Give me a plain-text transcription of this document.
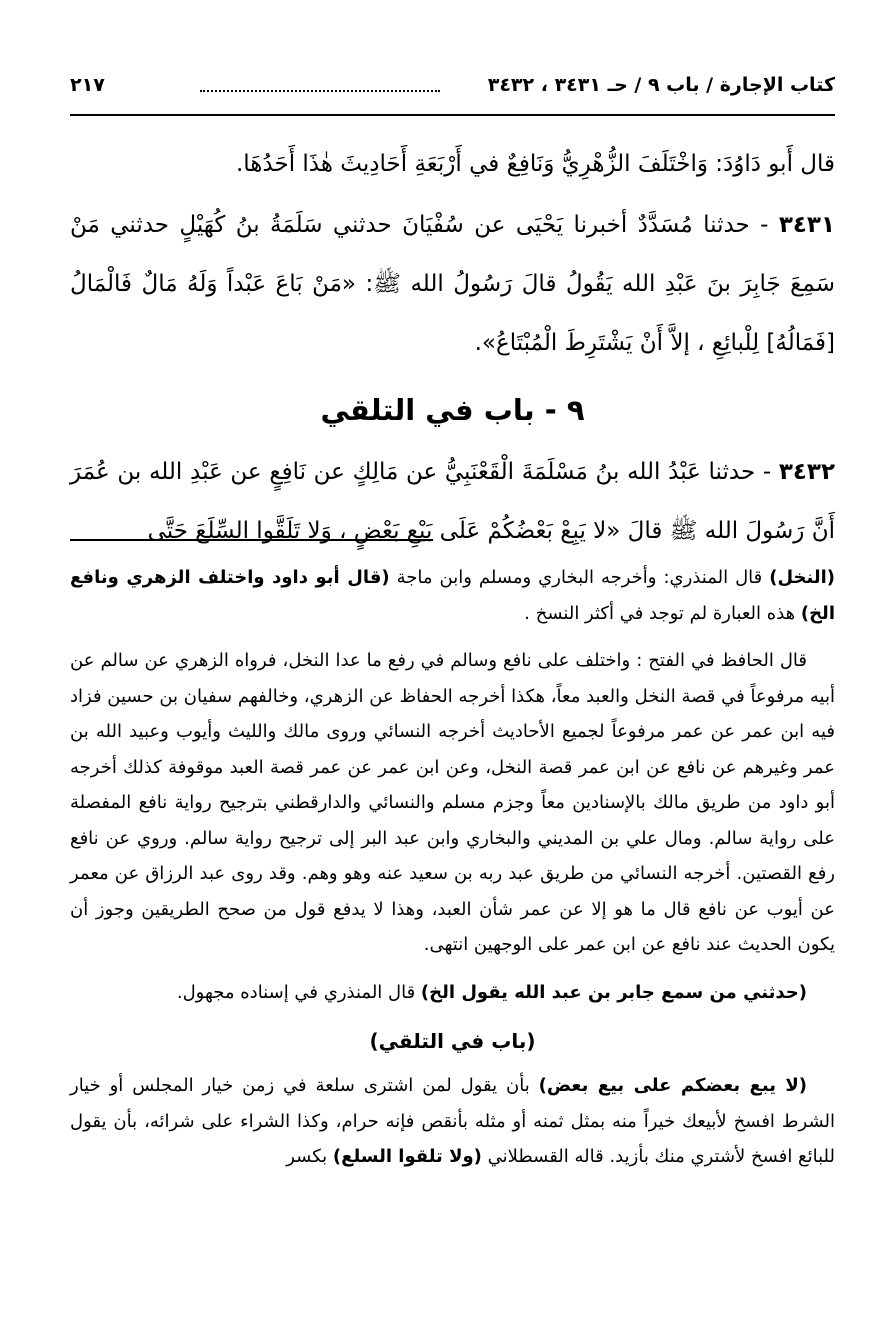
كتاب الإجارة / باب ٩ / حـ ٣٤٣١ ، ٣٤٣٢
٢١٧

قال أَبو دَاوُدَ: وَاخْتَلَفَ الزُّهْرِيُّ وَنَافِعٌ في أَرْبَعَةِ أَحَادِيثَ هٰذَا أَحَدُهَا.

٣٤٣١ - حدثنا مُسَدَّدٌ أخبرنا يَحْيَى عن سُفْيَانَ حدثني سَلَمَةُ بنُ كُهَيْلٍ حدثني مَنْ سَمِعَ جَابِرَ بنَ عَبْدِ الله يَقُولُ قالَ رَسُولُ الله ﷺ: «مَنْ بَاعَ عَبْداً وَلَهُ مَالٌ فَالْمَالُ [فَمَالُهُ] لِلْبائِعِ ، إلاَّ أَنْ يَشْتَرِطَ الْمُبْتَاعُ».

٩ - باب في التلقي

٣٤٣٢ - حدثنا عَبْدُ الله بنُ مَسْلَمَةَ الْقَعْنَبِيُّ عن مَالِكٍ عن نَافِعٍ عن عَبْدِ الله بن عُمَرَ أَنَّ رَسُولَ الله ﷺ قالَ «لا يَبِعْ بَعْضُكُمْ عَلَى بَيْعِ بَعْضٍ ، وَلا تَلَقَّوا السِّلَعَ حَتَّى

(النخل) قال المنذري: وأخرجه البخاري ومسلم وابن ماجة (قال أبو داود واختلف الزهري ونافع الخ) هذه العبارة لم توجد في أكثر النسخ .

قال الحافظ في الفتح : واختلف على نافع وسالم في رفع ما عدا النخل، فرواه الزهري عن سالم عن أبيه مرفوعاً في قصة النخل والعبد معاً، هكذا أخرجه الحفاظ عن الزهري، وخالفهم سفيان بن حسين فزاد فيه ابن عمر عن عمر مرفوعاً لجميع الأحاديث أخرجه النسائي وروى مالك والليث وأيوب وعبيد الله بن عمر وغيرهم عن نافع عن ابن عمر قصة النخل، وعن ابن عمر عن عمر قصة العبد موقوفة كذلك أخرجه أبو داود من طريق مالك بالإسنادين معاً وجزم مسلم والنسائي والدارقطني بترجيح رواية نافع المفصلة على رواية سالم. ومال علي بن المديني والبخاري وابن عبد البر إلى ترجيح رواية سالم. وروي عن نافع رفع القصتين. أخرجه النسائي من طريق عبد ربه بن سعيد عنه وهو وهم. وقد روى عبد الرزاق عن معمر عن أيوب عن نافع قال ما هو إلا عن عمر شأن العبد، وهذا لا يدفع قول من صحح الطريقين وجوز أن يكون الحديث عند نافع عن ابن عمر على الوجهين انتهى.

(حدثني من سمع جابر بن عبد الله يقول الخ) قال المنذري في إسناده مجهول.

(باب في التلقي)

(لا يبع بعضكم على بيع بعض) بأن يقول لمن اشترى سلعة في زمن خيار المجلس أو خيار الشرط افسخ لأبيعك خيراً منه بمثل ثمنه أو مثله بأنقص فإنه حرام، وكذا الشراء على شرائه، بأن يقول للبائع افسخ لأشتري منك بأزيد. قاله القسطلاني (ولا تلقوا السلع) بكسر
